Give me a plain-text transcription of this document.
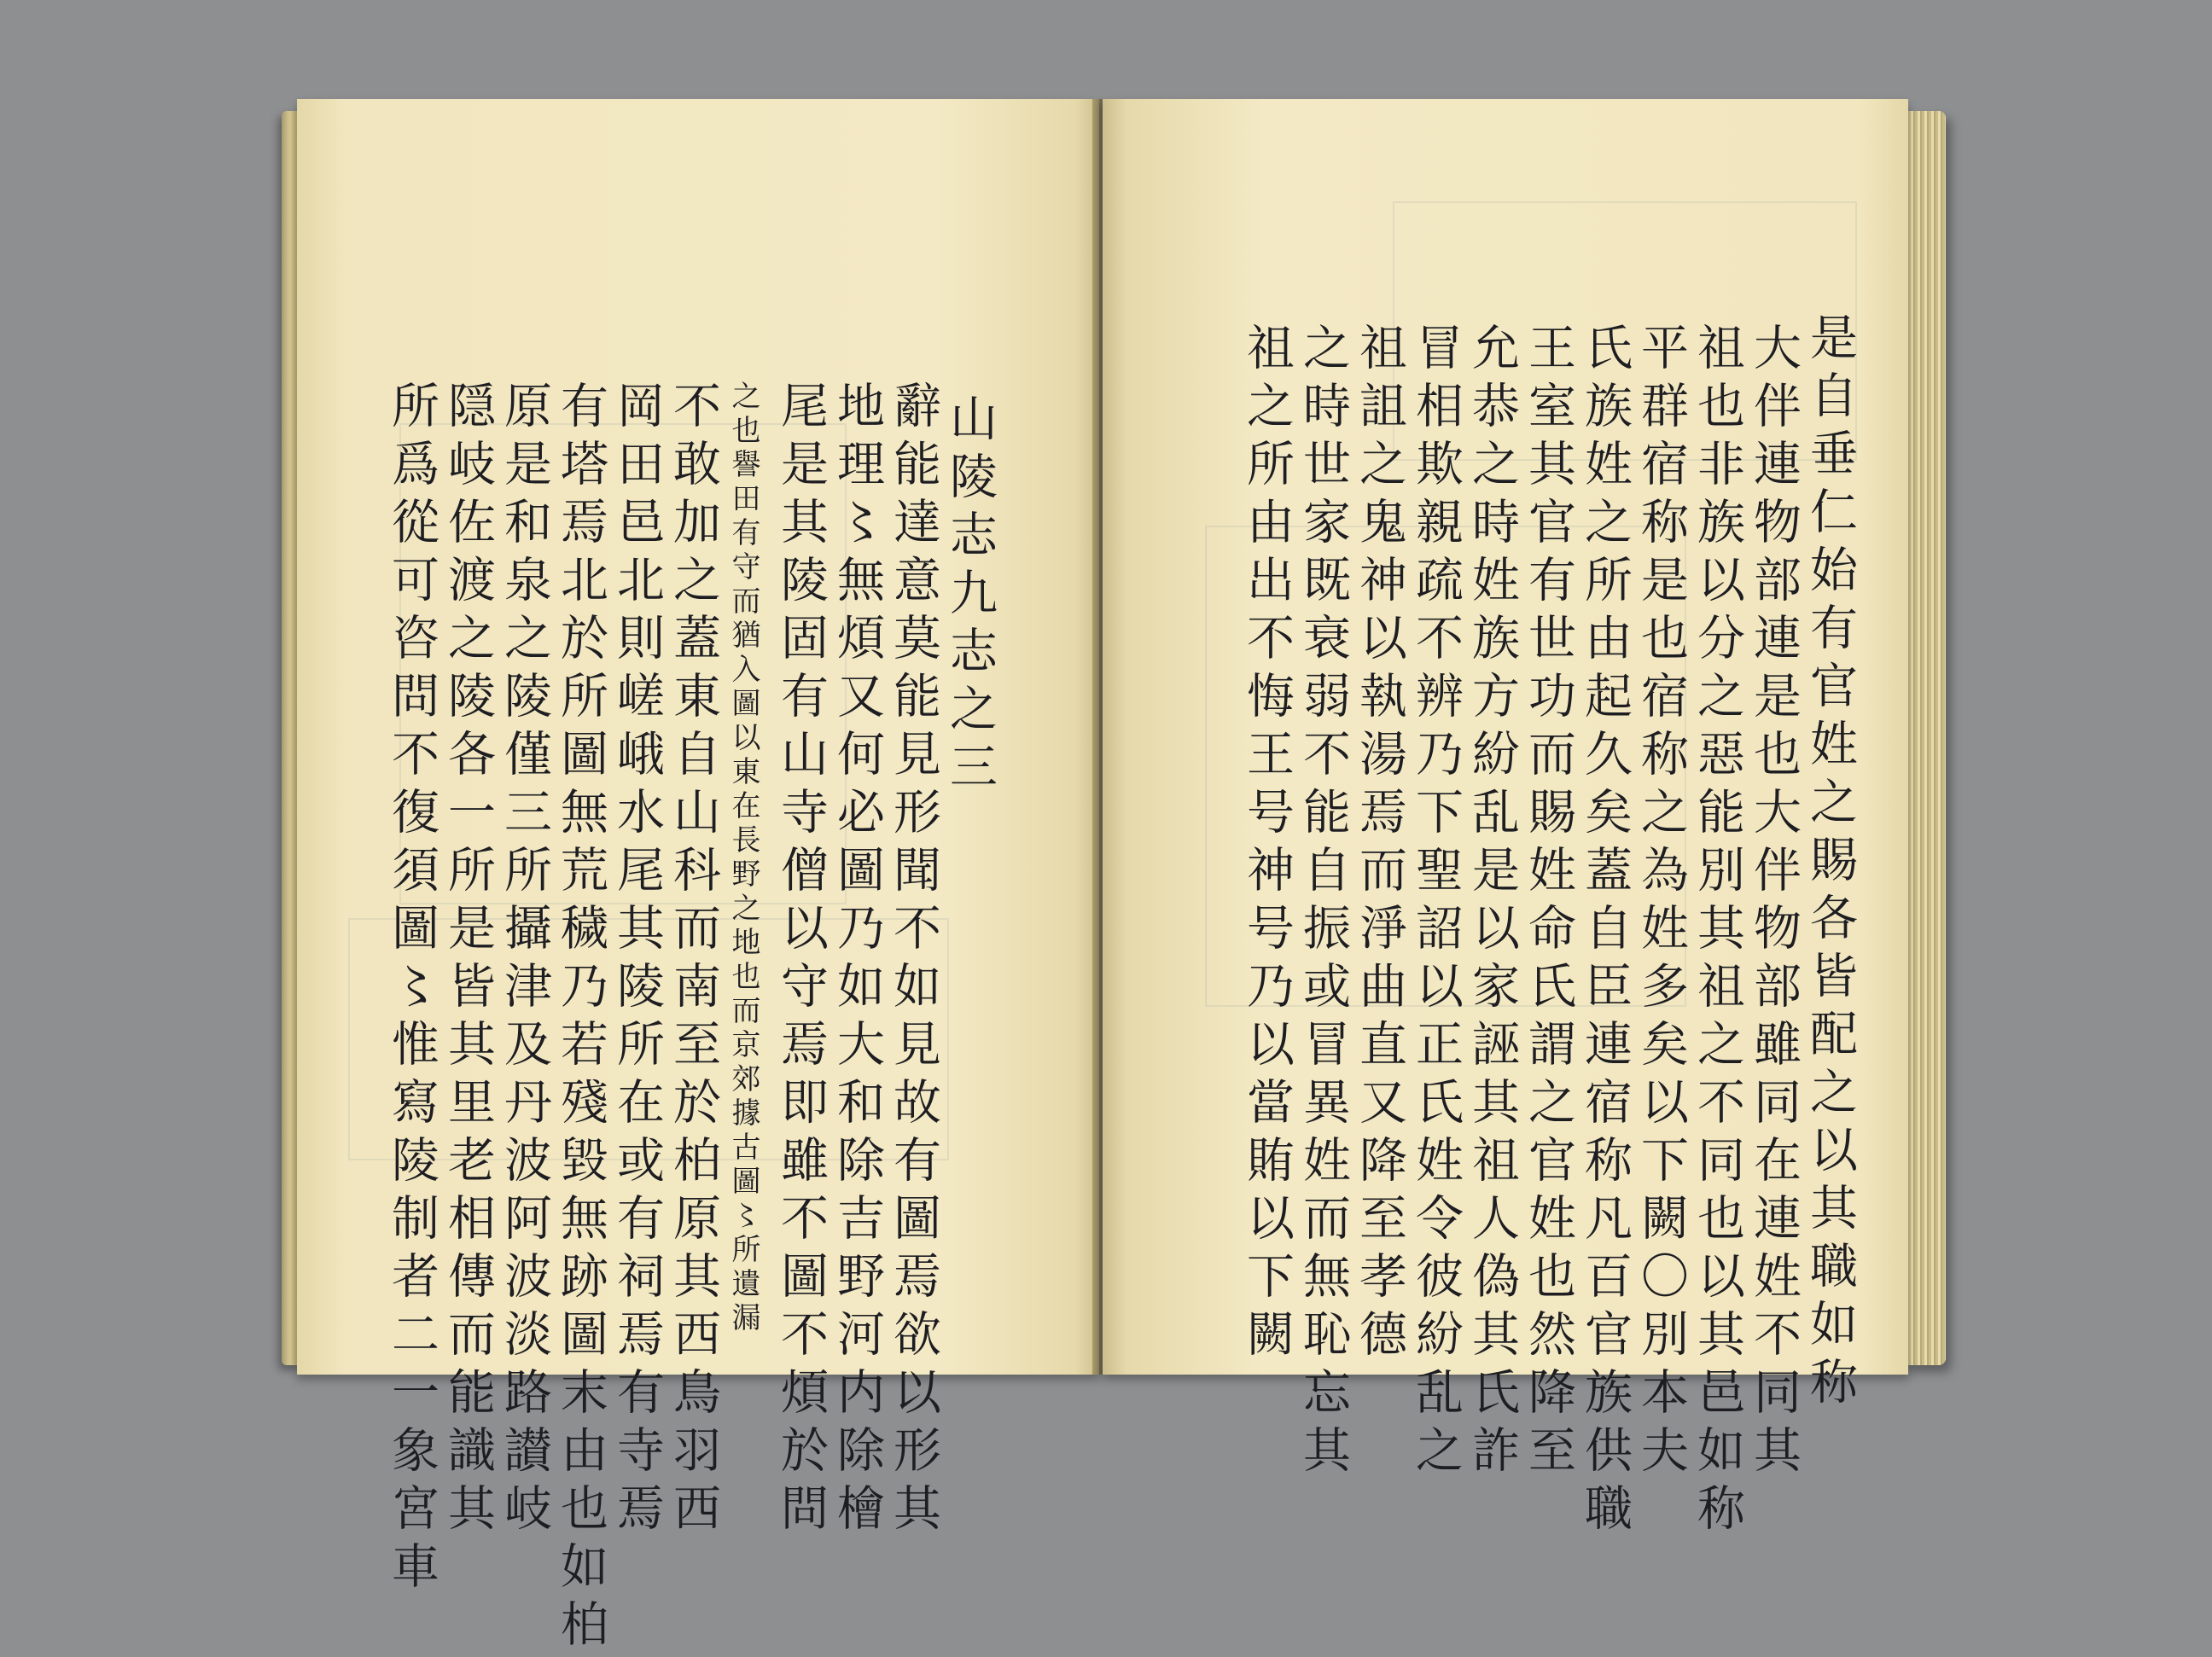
山陵志九志之三
辭能達意莫能見形聞不如見故有圖焉欲以形其
地理〻無煩又何必圖乃如大和除吉野河内除檜
尾是其陵固有山寺僧以守焉即雖不圖不煩於問
之也譽田有守而猶入圖以東在長野之地也而京郊據古圖〻所遺漏
不敢加之蓋東自山科而南至於柏原其西鳥羽西
岡田邑北則嵯峨水尾其陵所在或有祠焉有寺焉
有塔焉北於所圖無荒穢乃若殘毀無跡圖末由也如柏
原是和泉之陵僅三所攝津及丹波阿波淡路讃岐
隠岐佐渡之陵各一所是皆其里老相傳而能識其
所爲從可咨問不復須圖〻惟寫陵制者二一象宮車	是自垂仁始有官姓之賜各皆配之以其職如称
大伴連物部連是也大伴物部雖同在連姓不同其
祖也非族以分之惡能別其祖之不同也以其邑如称
平群宿称是也宿称之為姓多矣以下闕〇別本夫
氏族姓之所由起久矣蓋自臣連宿称凡百官族供職
王室其官有世功而賜姓命氏謂之官姓也然降至
允恭之時姓族方紛乱是以家誣其祖人偽其氏詐
冒相欺親疏不辨乃下聖詔以正氏姓令彼紛乱之
祖詛之鬼神以執湯焉而淨曲直又降至孝德
之時世家既衰弱不能自振或冒異姓而無恥忘其
祖之所由出不悔王号神号乃以當賄以下闕
